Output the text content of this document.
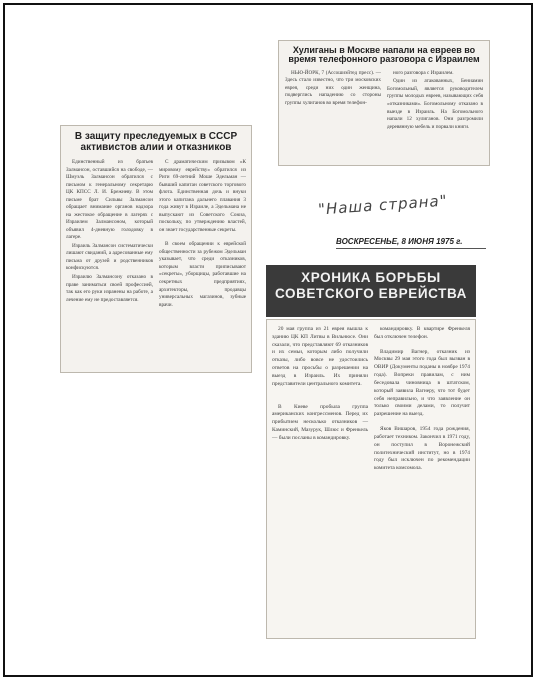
Хулиганы в Москве напали на евреев во время телефонного разговора с Израилем

НЬЮ-ЙОРК, 7 (Ассошиэйтед пресс). — Здесь стало известно, что три московских еврея, среди них один женщина, подверглись нападению со стороны группы хулиганов во время телефон-

ного разговора с Израилем.

Один из атакованных, Бениамин Богомольный, является руководителем группы молодых евреев, называющих себя «отказниками». Богомольному отказано в выезде в Израиль. На Богомольного напали 12 хулиганов. Они разгромили деревянную мебель и порвали книги.

В защиту преследуемых в СССР активистов алии и отказников

Единственный из братьев Залмансон, оставшийся на свободе, — Шмуэль Залмансон обратился с письмом к генеральному секретарю ЦК КПСС Л. И. Брежневу. В этом письме брат Сильвы Залмансон обращает внимание органов надзора на жестокое обращение в лагерях с Израилем Залмансоном, который объявил 4-дневную голодовку в лагере.

Израиль Залмансон систематически лишают свиданий, а адресованные ему письма от друзей и родственников конфискуются.

Израилю Залмансону отказано в праве заниматься своей профессией, так как его руки изранены на работе, а лечение ему не предоставляется.

С драматическим призывом «К мировому еврейству» обратился из Риги 69-летний Моше Эдельман — бывший капитан советского торгового флота. Единственная дочь и внуки этого капитана дальнего плавания 3 года живут в Израиле, а Эдельмана не выпускают из Советского Союза, поскольку, по утверждению властей, он знает государственные секреты.

В своем обращении к еврейской общественности за рубежом Эдельман указывает, что среди отказников, которым власти приписывают «секреты», уборщицы, работавшие на секретных предприятиях, архитекторы, продавцы универсальных магазинов, зубные врачи.

"Наша страна"
ВОСКРЕСЕНЬЕ, 8 ИЮНЯ 1975 г.
ХРОНИКА БОРЬБЫ
СОВЕТСКОГО ЕВРЕЙСТВА

20 мая группа из 21 еврея вышла к зданию ЦК КП Литвы в Вильнюсе. Они сказали, что представляют 69 отказников и их семьи, которым либо получили отказы, либо вовсе не удостоились ответов на просьбы о разрешении на выезд в Израиль. Их приняли представители центрального комитета.

В Киеве пробыла группа американских конгрессменов. Перед их прибытием несколько отказников — Каминский, Мазурук, Шлюс и Френкель — были посланы в командировку.

командировку. В квартире Френкеля был отключен телефон.

Владимир Вагнер, отказник из Москвы 29 мая этого года был вызван в ОВИР (Документы поданы в ноябре 1974 года). Вопреки правилам, с ним беседовала чиновница в штатском, который заявила Вагнеру, что тот будет себя неправильно, и что заявление он только своими делами, то получит разрешение на выезд.

Яков Вишаров, 1954 года рождения, работает техником. Закончил в 1971 году, он поступил в Воронежский политехнический институт, но в 1974 году был исключен по рекомендации комитета комсомола.
